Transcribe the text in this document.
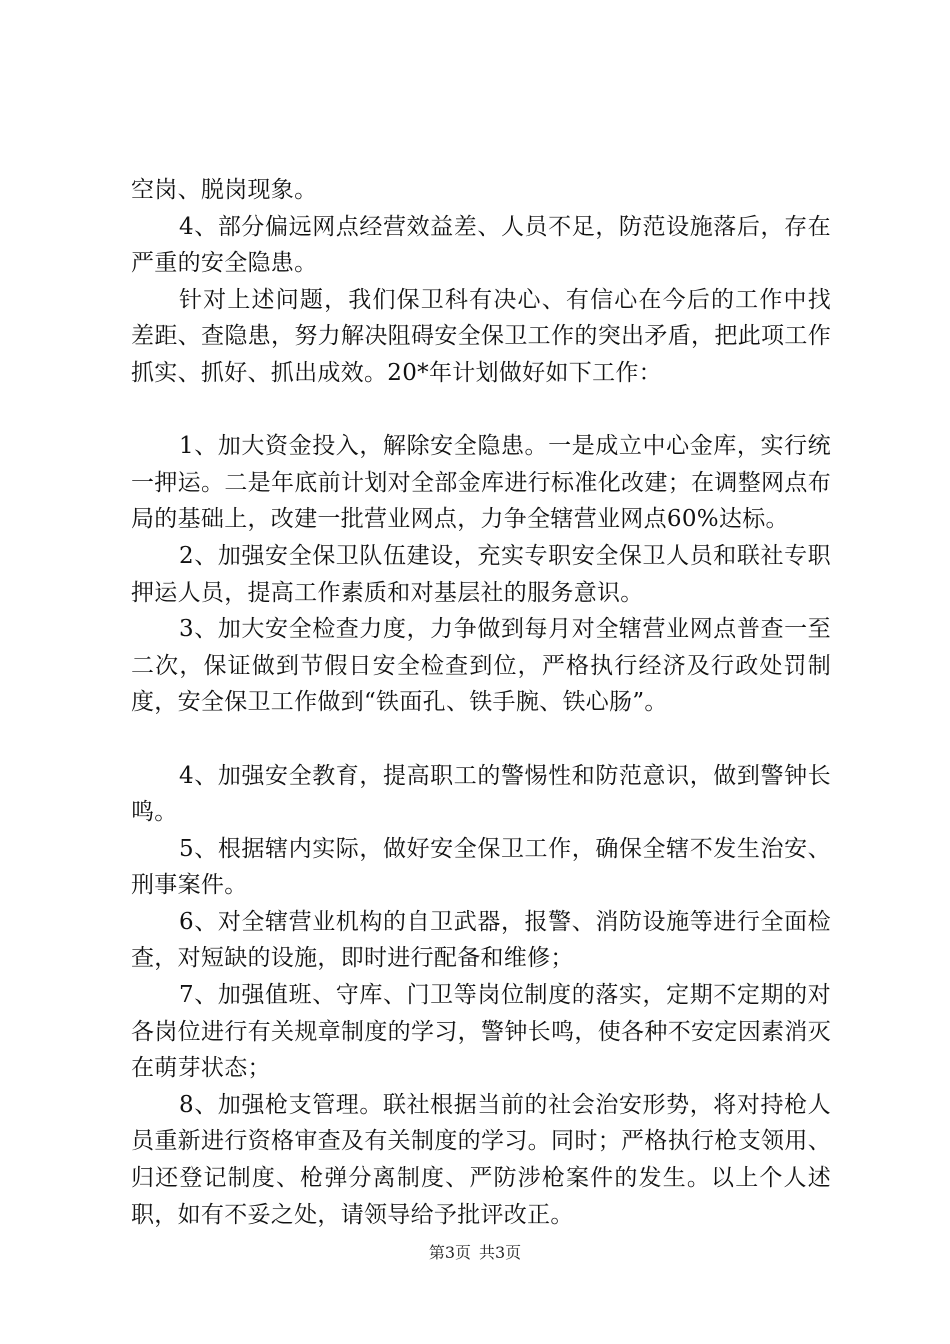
空岗、脱岗现象。

4、部分偏远网点经营效益差、人员不足，防范设施落后，存在严重的安全隐患。

针对上述问题，我们保卫科有决心、有信心在今后的工作中找差距、查隐患，努力解决阻碍安全保卫工作的突出矛盾，把此项工作抓实、抓好、抓出成效。20*年计划做好如下工作：

1、加大资金投入，解除安全隐患。一是成立中心金库，实行统一押运。二是年底前计划对全部金库进行标准化改建；在调整网点布局的基础上，改建一批营业网点，力争全辖营业网点60%达标。

2、加强安全保卫队伍建设，充实专职安全保卫人员和联社专职押运人员，提高工作素质和对基层社的服务意识。

3、加大安全检查力度，力争做到每月对全辖营业网点普查一至二次，保证做到节假日安全检查到位，严格执行经济及行政处罚制度，安全保卫工作做到“铁面孔、铁手腕、铁心肠”。

4、加强安全教育，提高职工的警惕性和防范意识，做到警钟长鸣。

5、根据辖内实际，做好安全保卫工作，确保全辖不发生治安、刑事案件。

6、对全辖营业机构的自卫武器，报警、消防设施等进行全面检查，对短缺的设施，即时进行配备和维修；

7、加强值班、守库、门卫等岗位制度的落实，定期不定期的对各岗位进行有关规章制度的学习，警钟长鸣，使各种不安定因素消灭在萌芽状态；

8、加强枪支管理。联社根据当前的社会治安形势，将对持枪人员重新进行资格审查及有关制度的学习。同时；严格执行枪支领用、归还登记制度、枪弹分离制度、严防涉枪案件的发生。以上个人述职，如有不妥之处，请领导给予批评改正。

第3页 共3页
